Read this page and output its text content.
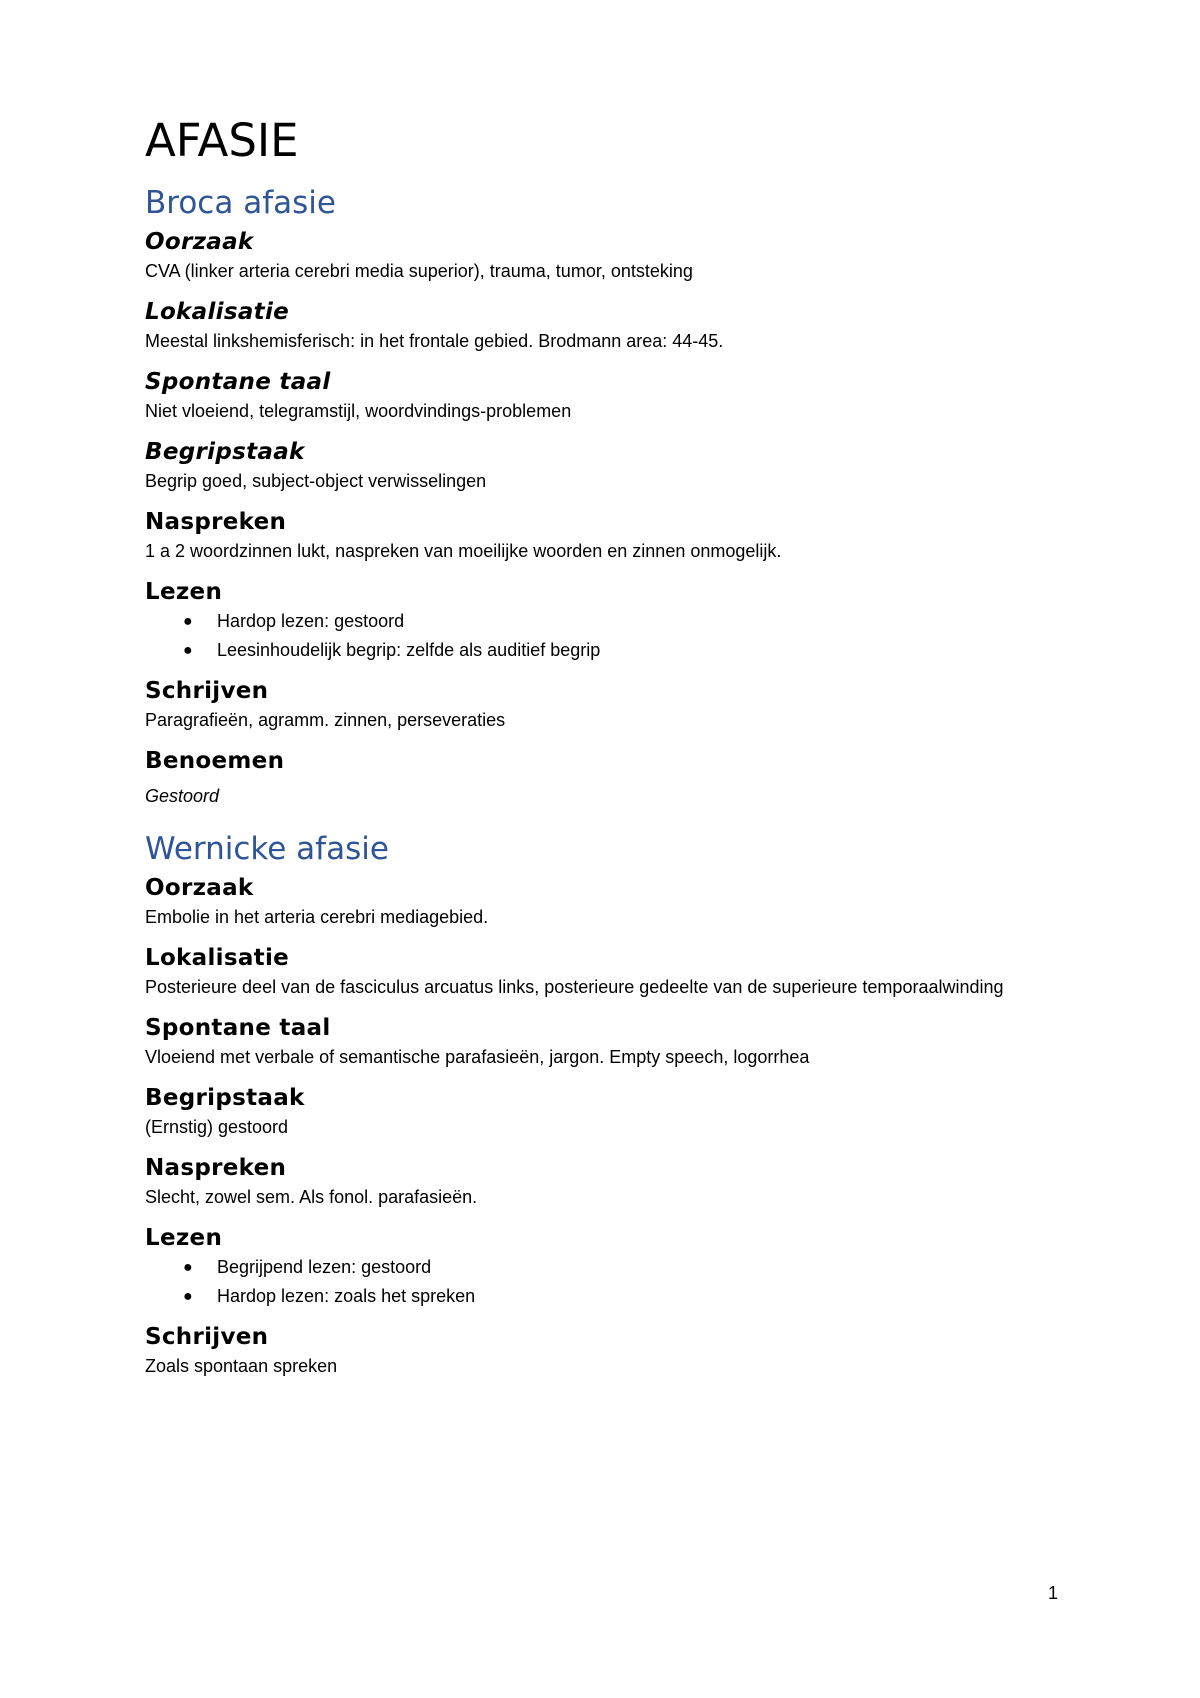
AFASIE
Broca afasie
Oorzaak

CVA (linker arteria cerebri media superior), trauma, tumor, ontsteking

Lokalisatie

Meestal linkshemisferisch: in het frontale gebied. Brodmann area: 44-45.

Spontane taal

Niet vloeiend, telegramstijl, woordvindings-problemen

Begripstaak

Begrip goed, subject-object verwisselingen

Naspreken

1 a 2 woordzinnen lukt, naspreken van moeilijke woorden en zinnen onmogelijk.

Lezen
● Hardop lezen: gestoord
● Leesinhoudelijk begrip: zelfde als auditief begrip
Schrijven

Paragrafieën, agramm. zinnen, perseveraties

Benoemen

Gestoord

Wernicke afasie
Oorzaak

Embolie in het arteria cerebri mediagebied.

Lokalisatie

Posterieure deel van de fasciculus arcuatus links, posterieure gedeelte van de superieure temporaalwinding

Spontane taal

Vloeiend met verbale of semantische parafasieën, jargon. Empty speech, logorrhea

Begripstaak

(Ernstig) gestoord

Naspreken

Slecht, zowel sem. Als fonol. parafasieën.

Lezen
● Begrijpend lezen: gestoord
● Hardop lezen: zoals het spreken
Schrijven

Zoals spontaan spreken

1
